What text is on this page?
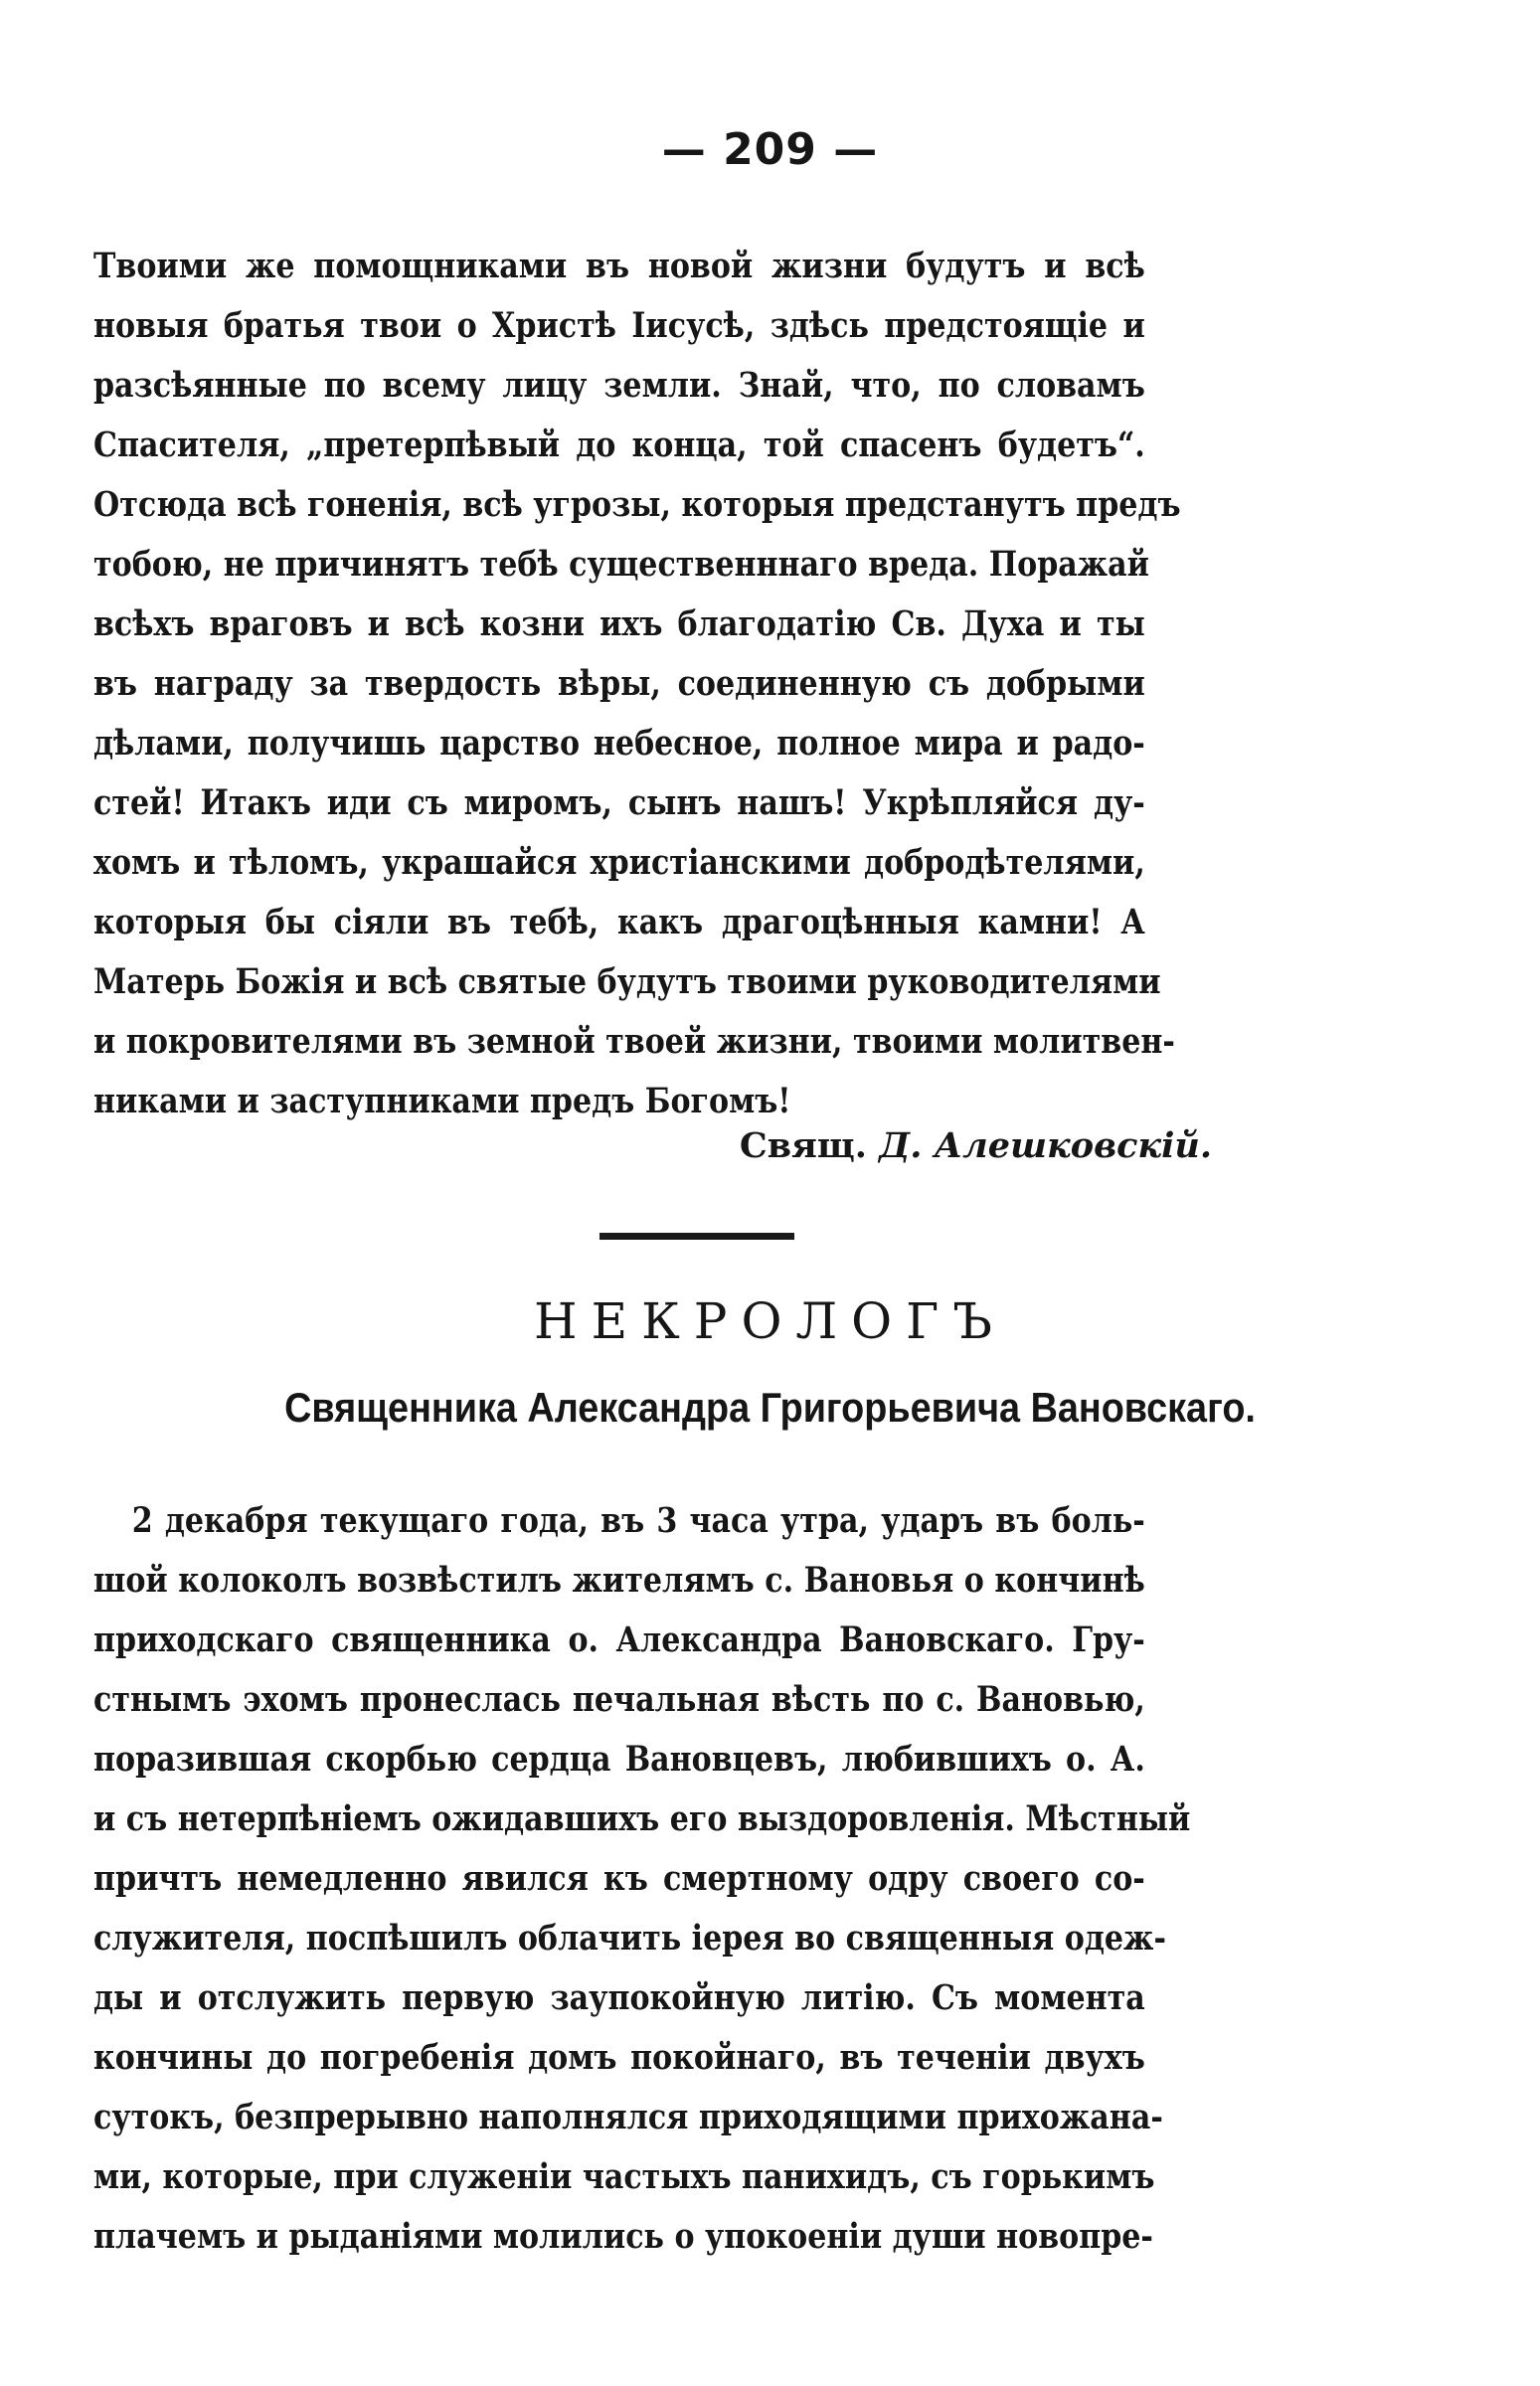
— 209 —
Твоими же помощниками въ новой жизни будутъ и всѣ
новыя братья твои о Христѣ Іисусѣ, здѣсь предстоящіе и
разсѣянные по всему лицу земли. Знай, что, по словамъ
Спасителя, „претерпѣвый до конца, той спасенъ будетъ“.
Отсюда всѣ гоненія, всѣ угрозы, которыя предстанутъ предъ
тобою, не причинятъ тебѣ существенннаго вреда. Поражай
всѣхъ враговъ и всѣ козни ихъ благодатію Св. Духа и ты
въ награду за твердость вѣры, соединенную съ добрыми
дѣлами, получишь царство небесное, полное мира и радо-
стей! Итакъ иди съ миромъ, сынъ нашъ! Укрѣпляйся ду-
хомъ и тѣломъ, украшайся христіанскими добродѣтелями,
которыя бы сіяли въ тебѣ, какъ драгоцѣнныя камни! А
Матерь Божія и всѣ святые будутъ твоими руководителями
и покровителями въ земной твоей жизни, твоими молитвен-
никами и заступниками предъ Богомъ!
Свящ. Д. Алешковскій.
НЕКРОЛОГЪ
Священника Александра Григорьевича Вановскаго.
2 декабря текущаго года, въ 3 часа утра, ударъ въ боль-
шой колоколъ возвѣстилъ жителямъ с. Вановья о кончинѣ
приходскаго священника о. Александра Вановскаго. Гру-
стнымъ эхомъ пронеслась печальная вѣсть по с. Вановью,
поразившая скорбью сердца Вановцевъ, любившихъ о. А.
и съ нетерпѣніемъ ожидавшихъ его выздоровленія. Мѣстный
причтъ немедленно явился къ смертному одру своего со-
служителя, поспѣшилъ облачить іерея во священныя одеж-
ды и отслужить первую заупокойную литію. Съ момента
кончины до погребенія домъ покойнаго, въ теченіи двухъ
сутокъ, безпрерывно наполнялся приходящими прихожана-
ми, которые, при служеніи частыхъ панихидъ, съ горькимъ
плачемъ и рыданіями молились о упокоеніи души новопре-
